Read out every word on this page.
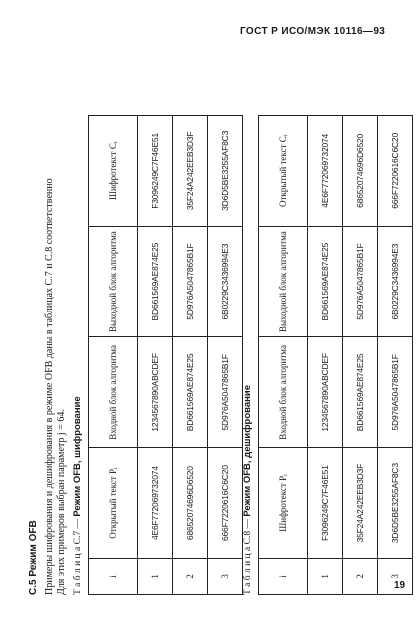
ГОСТ Р ИСО/МЭК 10116—93
С.5 Режим OFB Примеры шифрования и дешифрования в режиме OFB даны в таблицах С.7 и С.8 соответственно Для этих примеров выбран параметр j = 64. Т а б л и ц а С.7 — Режим OFB, шифрование
i	Открытый текст Pᵢ	Входной блок алгоритма	Выходной блок алгоритма	Шифротекст Cᵢ
1	4E6F772069732074	1234567890ABCDEF	BD661569AE874E25	F3096249C7F46E51
2	68652074696D6520	BD661569AE874E25	5D976A5047865B1F	35F24A242EEB3D3F
3	666F7220616C6C20	5D976A5047865B1F	6B0229C3436994E3	3D6D5BE3255AF8C3
Т а б л и ц а С.8 — Режим OFB, дешифрование
i	Шифротекст Pᵢ	Входной блок алгоритма	Выходной блок алгоритма	Открытый текст Cᵢ
1	F3096249C7F46E51	1234567890ABCDEF	BD661569AE874E25	4E6F772069732074
2	35F24A242EEB3D3F	BD661569AE874E25	5D976A5047865B1F	68652074696D6520
3	3D6D5BE3255AF8C3	5D976A5047865B1F	6B0229C3436994E3	666F7220616C6C20
19
